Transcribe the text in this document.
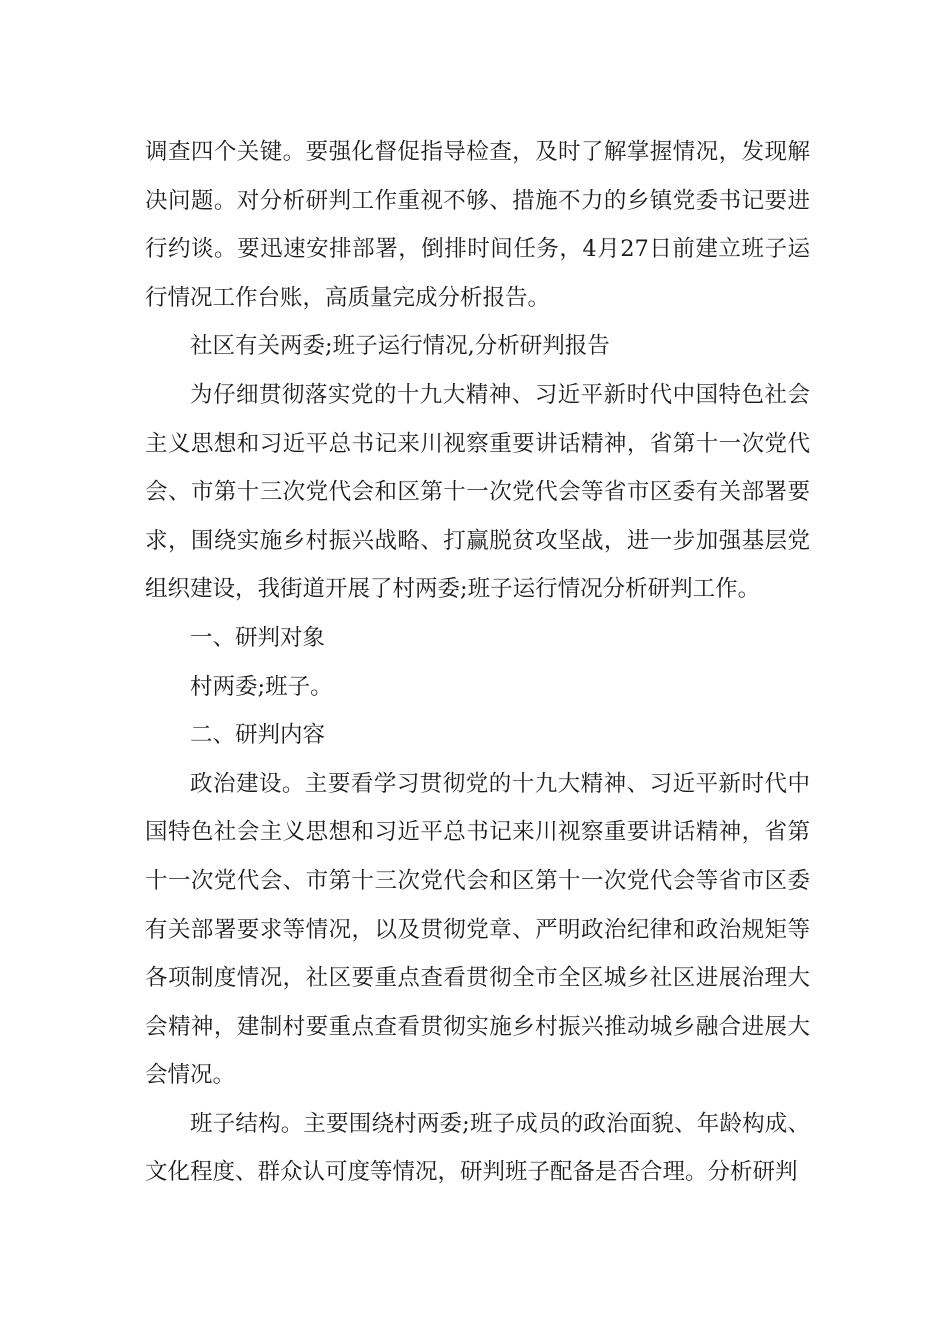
调查四个关键。要强化督促指导检查，及时了解掌握情况，发现解决问题。对分析研判工作重视不够、措施不力的乡镇党委书记要进行约谈。要迅速安排部署，倒排时间任务，4月27日前建立班子运行情况工作台账，高质量完成分析报告。

社区有关两委;班子运行情况,分析研判报告

为仔细贯彻落实党的十九大精神、习近平新时代中国特色社会主义思想和习近平总书记来川视察重要讲话精神，省第十一次党代会、市第十三次党代会和区第十一次党代会等省市区委有关部署要求，围绕实施乡村振兴战略、打赢脱贫攻坚战，进一步加强基层党组织建设，我街道开展了村两委;班子运行情况分析研判工作。

一、研判对象

村两委;班子。

二、研判内容

政治建设。主要看学习贯彻党的十九大精神、习近平新时代中国特色社会主义思想和习近平总书记来川视察重要讲话精神，省第十一次党代会、市第十三次党代会和区第十一次党代会等省市区委有关部署要求等情况，以及贯彻党章、严明政治纪律和政治规矩等各项制度情况，社区要重点查看贯彻全市全区城乡社区进展治理大会精神，建制村要重点查看贯彻实施乡村振兴推动城乡融合进展大会情况。

班子结构。主要围绕村两委;班子成员的政治面貌、年龄构成、文化程度、群众认可度等情况，研判班子配备是否合理。分析研判
